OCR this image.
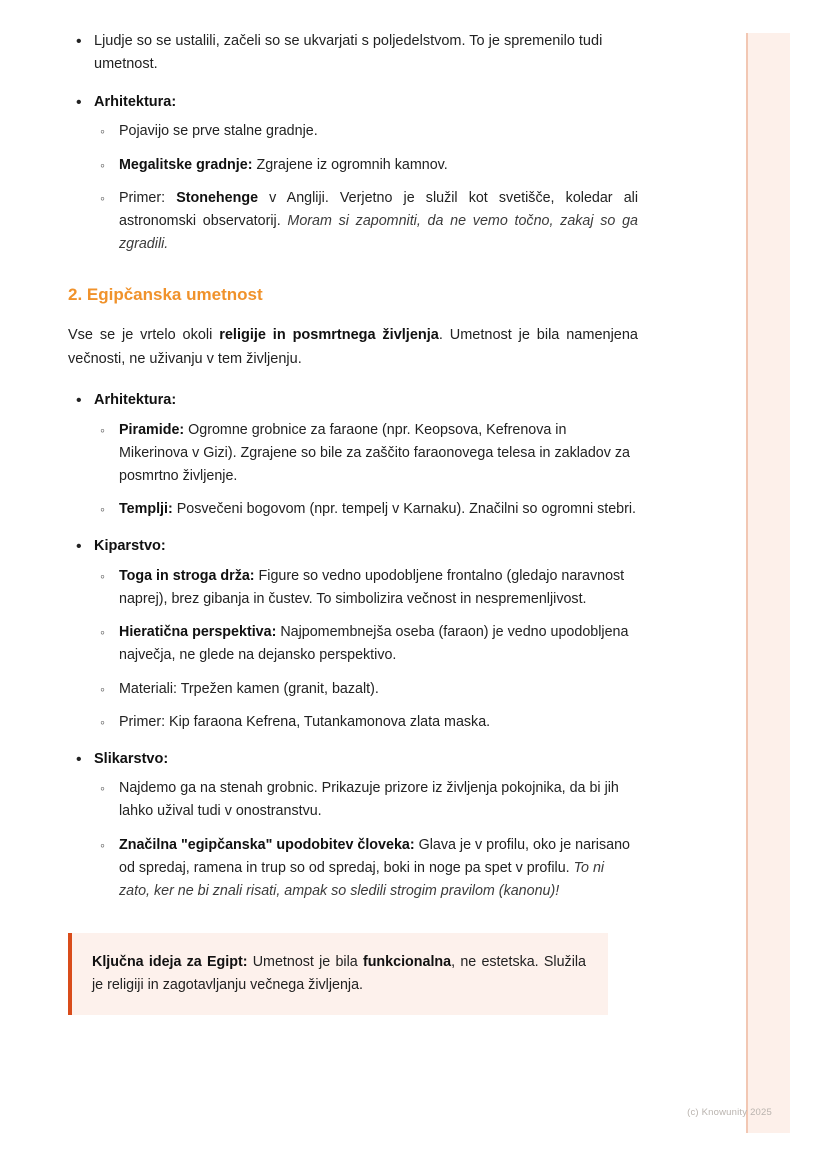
• Ljudje so se ustalili, začeli so se ukvarjati s poljedelstvom. To je spremenilo tudi umetnost.
• Arhitektura:
◦ Pojavijo se prve stalne gradnje.
◦ Megalitske gradnje: Zgrajene iz ogromnih kamnov.
◦ Primer: Stonehenge v Angliji. Verjetno je služil kot svetišče, koledar ali astronomski observatorij. Moram si zapomniti, da ne vemo točno, zakaj so ga zgradili.
2. Egipčanska umetnost

Vse se je vrtelo okoli religije in posmrtnega življenja. Umetnost je bila namenjena večnosti, ne uživanju v tem življenju.

• Arhitektura:
◦ Piramide: Ogromne grobnice za faraone (npr. Keopsova, Kefrenova in Mikerinova v Gizi). Zgrajene so bile za zaščito faraonovega telesa in zakladov za posmrtno življenje.
◦ Templji: Posvečeni bogovom (npr. tempelj v Karnaku). Značilni so ogromni stebri.
• Kiparstvo:
◦ Toga in stroga drža: Figure so vedno upodobljene frontalno (gledajo naravnost naprej), brez gibanja in čustev. To simbolizira večnost in nespremenljivost.
◦ Hieratična perspektiva: Najpomembnejša oseba (faraon) je vedno upodobljena največja, ne glede na dejansko perspektivo.
◦ Materiali: Trpežen kamen (granit, bazalt).
◦ Primer: Kip faraona Kefrena, Tutankamonova zlata maska.
• Slikarstvo:
◦ Najdemo ga na stenah grobnic. Prikazuje prizore iz življenja pokojnika, da bi jih lahko užival tudi v onostranstvu.
◦ Značilna "egipčanska" upodobitev človeka: Glava je v profilu, oko je narisano od spredaj, ramena in trup so od spredaj, boki in noge pa spet v profilu. To ni zato, ker ne bi znali risati, ampak so sledili strogim pravilom (kanonu)!

Ključna ideja za Egipt: Umetnost je bila funkcionalna, ne estetska. Služila je religiji in zagotavljanju večnega življenja.

(c) Knowunity 2025
